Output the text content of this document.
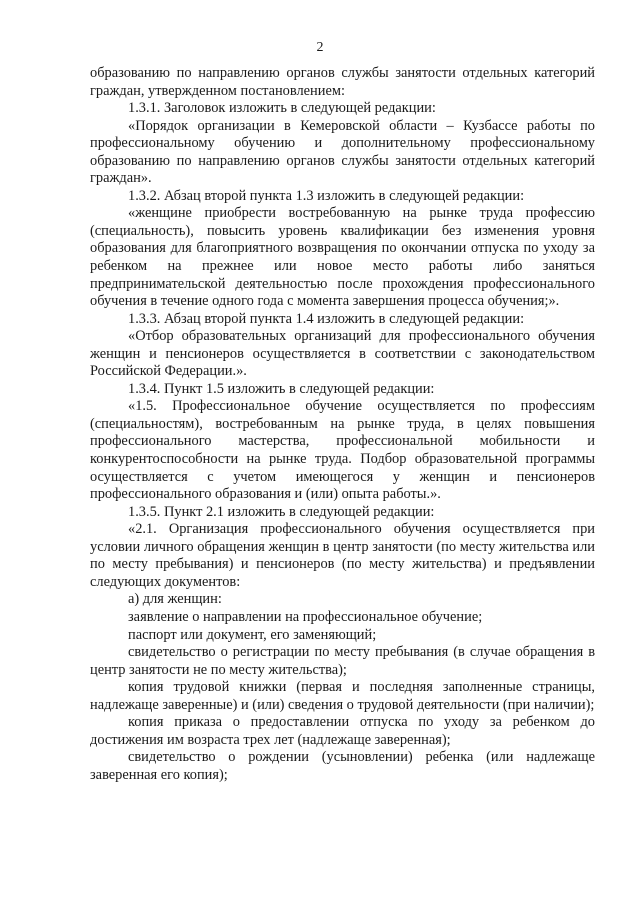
2

образованию по направлению органов службы занятости отдельных категорий граждан, утвержденном постановлением:

1.3.1. Заголовок изложить в следующей редакции:

«Порядок организации в Кемеровской области – Кузбассе работы по профессиональному обучению и дополнительному профессиональному образованию по направлению органов службы занятости отдельных категорий граждан».

1.3.2. Абзац второй пункта 1.3 изложить в следующей редакции:

«женщине приобрести востребованную на рынке труда профессию (специальность), повысить уровень квалификации без изменения уровня образования для благоприятного возвращения по окончании отпуска по уходу за ребенком на прежнее или новое место работы либо заняться предпринимательской деятельностью после прохождения профессионального обучения в течение одного года с момента завершения процесса обучения;».

1.3.3. Абзац второй пункта 1.4 изложить в следующей редакции:

«Отбор образовательных организаций для профессионального обучения женщин и пенсионеров осуществляется в соответствии с законодательством Российской Федерации.».

1.3.4. Пункт 1.5 изложить в следующей редакции:

«1.5. Профессиональное обучение осуществляется по профессиям (специальностям), востребованным на рынке труда, в целях повышения профессионального мастерства, профессиональной мобильности и конкурентоспособности на рынке труда. Подбор образовательной программы осуществляется с учетом имеющегося у женщин и пенсионеров профессионального образования и (или) опыта работы.».

1.3.5. Пункт 2.1 изложить в следующей редакции:

«2.1. Организация профессионального обучения осуществляется при условии личного обращения женщин в центр занятости (по месту жительства или по месту пребывания) и пенсионеров (по месту жительства) и предъявлении следующих документов:

а) для женщин:

заявление о направлении на профессиональное обучение;

паспорт или документ, его заменяющий;

свидетельство о регистрации по месту пребывания (в случае обращения в центр занятости не по месту жительства);

копия трудовой книжки (первая и последняя заполненные страницы, надлежаще заверенные) и (или) сведения о трудовой деятельности (при наличии);

копия приказа о предоставлении отпуска по уходу за ребенком до достижения им возраста трех лет (надлежаще заверенная);

свидетельство о рождении (усыновлении) ребенка (или надлежаще заверенная его копия);
